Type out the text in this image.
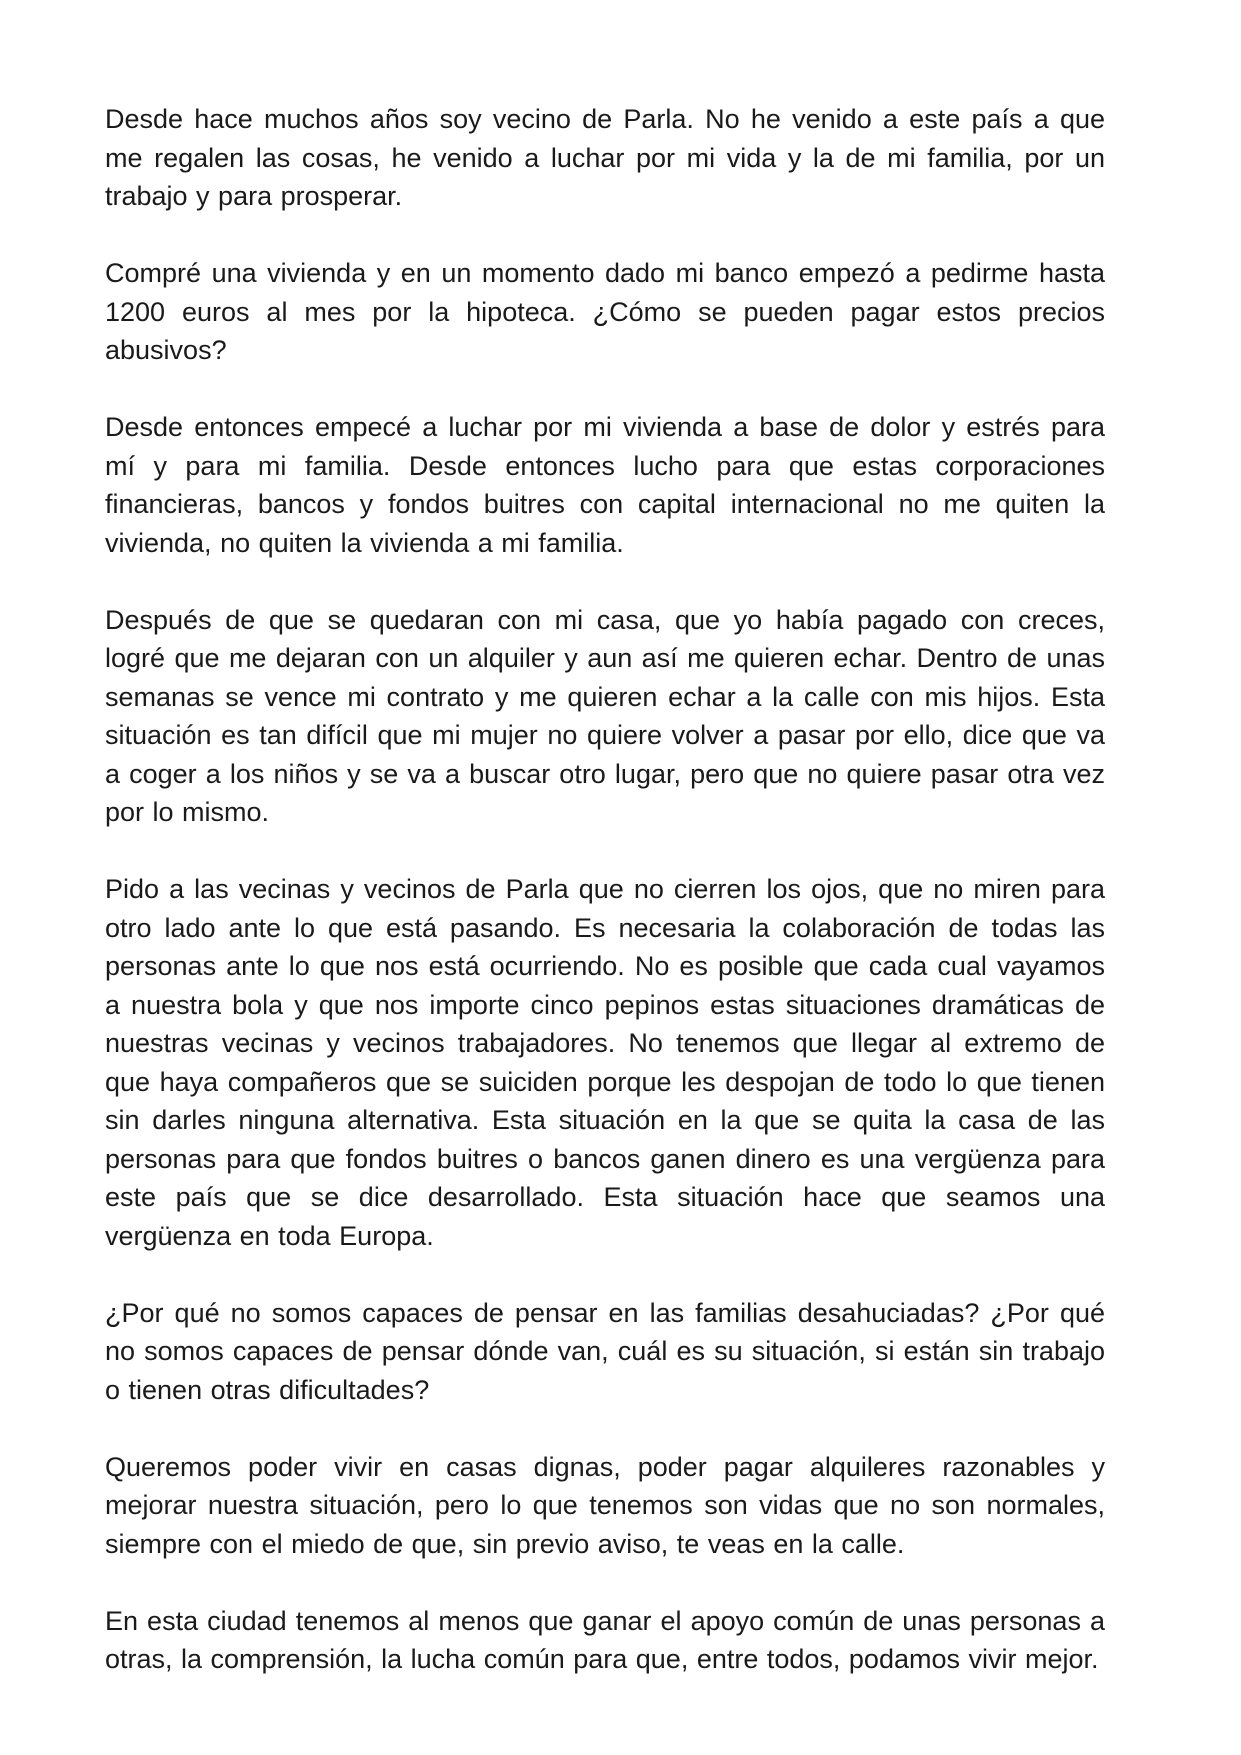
Desde hace muchos años soy vecino de Parla. No he venido a este país a que me regalen las cosas, he venido a luchar por mi vida y la de mi familia, por un trabajo y para prosperar.

Compré una vivienda y en un momento dado mi banco empezó a pedirme hasta 1200 euros al mes por la hipoteca. ¿Cómo se pueden pagar estos precios abusivos?

Desde entonces empecé a luchar por mi vivienda a base de dolor y estrés para mí y para mi familia. Desde entonces lucho para que estas corporaciones financieras, bancos y fondos buitres con capital internacional no me quiten la vivienda, no quiten la vivienda a mi familia.

Después de que se quedaran con mi casa, que yo había pagado con creces, logré que me dejaran con un alquiler y aun así me quieren echar. Dentro de unas semanas se vence mi contrato y me quieren echar a la calle con mis hijos. Esta situación es tan difícil que mi mujer no quiere volver a pasar por ello, dice que va a coger a los niños y se va a buscar otro lugar, pero que no quiere pasar otra vez por lo mismo.

Pido a las vecinas y vecinos de Parla que no cierren los ojos, que no miren para otro lado ante lo que está pasando. Es necesaria la colaboración de todas las personas ante lo que nos está ocurriendo. No es posible que cada cual vayamos a nuestra bola y que nos importe cinco pepinos estas situaciones dramáticas de nuestras vecinas y vecinos trabajadores. No tenemos que llegar al extremo de que haya compañeros que se suiciden porque les despojan de todo lo que tienen sin darles ninguna alternativa. Esta situación en la que se quita la casa de las personas para que fondos buitres o bancos ganen dinero es una vergüenza para este país que se dice desarrollado. Esta situación hace que seamos una vergüenza en toda Europa.

¿Por qué no somos capaces de pensar en las familias desahuciadas? ¿Por qué no somos capaces de pensar dónde van, cuál es su situación, si están sin trabajo o tienen otras dificultades?

Queremos poder vivir en casas dignas, poder pagar alquileres razonables y mejorar nuestra situación, pero lo que tenemos son vidas que no son normales, siempre con el miedo de que, sin previo aviso, te veas en la calle.

En esta ciudad tenemos al menos que ganar el apoyo común de unas personas a otras, la comprensión, la lucha común para que, entre todos, podamos vivir mejor.
